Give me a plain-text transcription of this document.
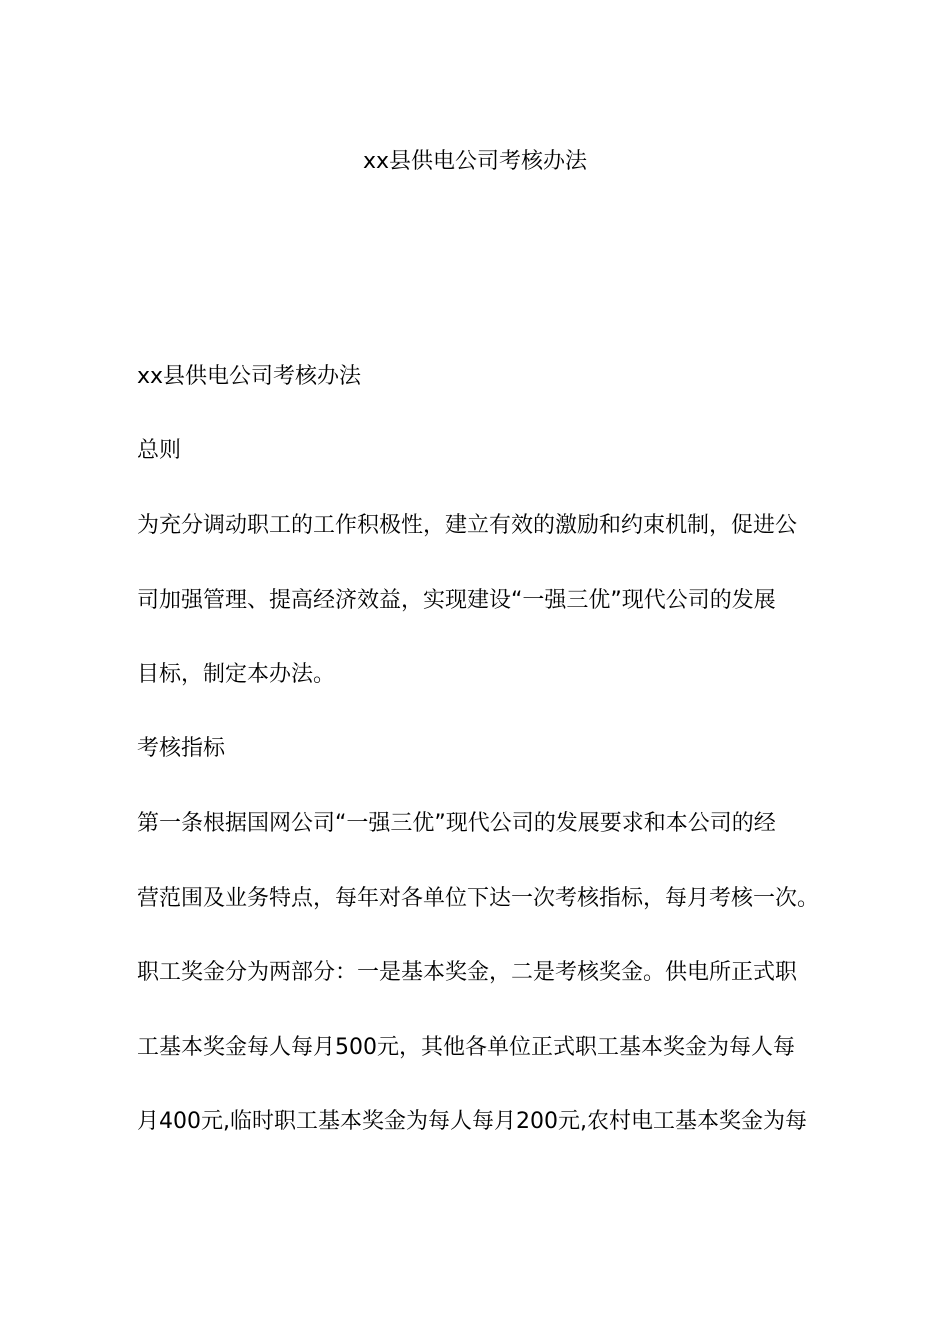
xx县供电公司考核办法
xx县供电公司考核办法
总则
为充分调动职工的工作积极性，建立有效的激励和约束机制，促进公
司加强管理、提高经济效益，实现建设“一强三优”现代公司的发展
目标，制定本办法。
考核指标
第一条根据国网公司“一强三优”现代公司的发展要求和本公司的经
营范围及业务特点，每年对各单位下达一次考核指标，每月考核一次。
职工奖金分为两部分：一是基本奖金，二是考核奖金。供电所正式职
工基本奖金每人每月500元，其他各单位正式职工基本奖金为每人每
月400元,临时职工基本奖金为每人每月200元,农村电工基本奖金为每
